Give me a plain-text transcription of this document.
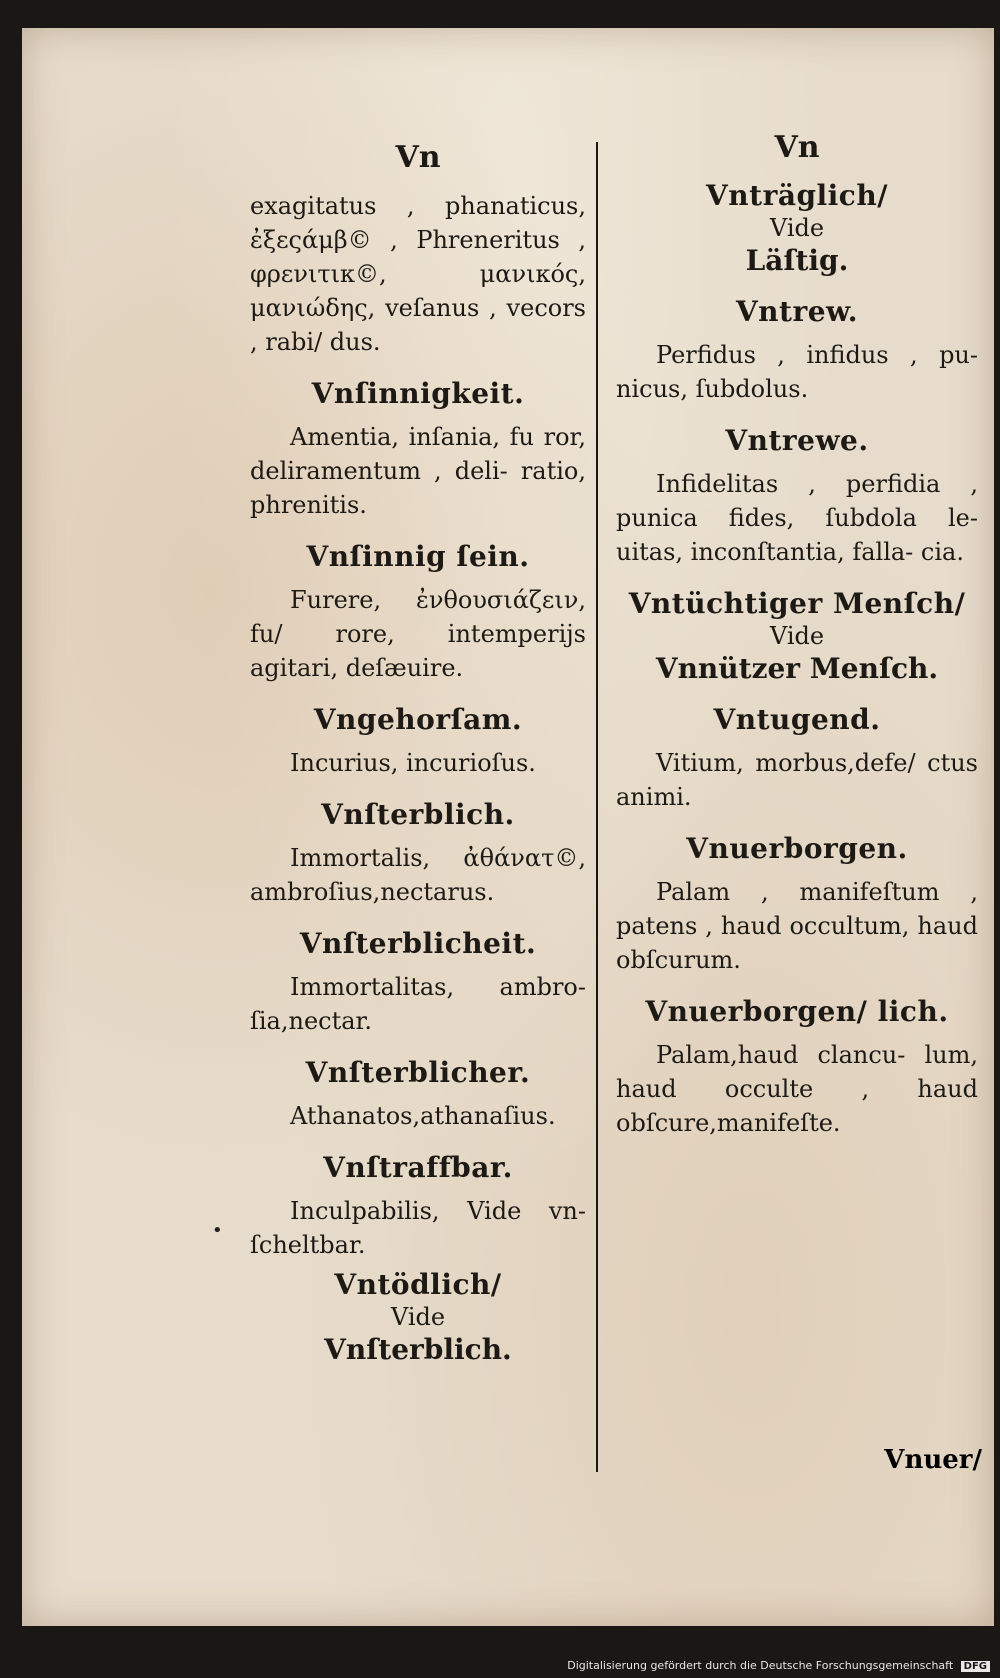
Vn

exagitatus , phanaticus, ἐξεςάμβ© , Phreneritus , φρενιτικ©, μανικός, μανιώδης, veſanus , vecors , rabi/ dus.

Vnſinnigkeit.

Amentia, inſania, fu ror, deliramentum , deli- ratio, phrenitis.

Vnſinnig ſein.

Furere, ἐνθουσιάζειν, fu/ rore, intemperijs agitari, deſæuire.

Vngehorſam.

Incurius, incurioſus.

Vnſterblich.

Immortalis, ἀθάνατ©, ambroſius,nectarus.

Vnſterblicheit.

Immortalitas, ambro- ſia,nectar.

Vnſterblicher.

Athanatos,athanaſius.

Vnſtraffbar.

Inculpabilis, Vide vn- ſcheltbar.

Vntödlich/
Vide
Vnſterblich.
Vn
Vnträglich/
Vide
Läſtig.
Vntrew.

Perfidus , infidus , pu- nicus, ſubdolus.

Vntrewe.

Infidelitas , perfidia , punica fides, ſubdola le- uitas, inconſtantia, falla- cia.

Vntüchtiger Menſch/
Vide
Vnnützer Menſch.
Vntugend.

Vitium, morbus,defe/ ctus animi.

Vnuerborgen.

Palam , manifeſtum , patens , haud occultum, haud obſcurum.

Vnuerborgen/ lich.

Palam,haud clancu- lum, haud occulte , haud obſcure,manifeſte.

Vnuer/
•
Digitalisierung gefördert durch die Deutsche Forschungsgemeinschaft DFG
